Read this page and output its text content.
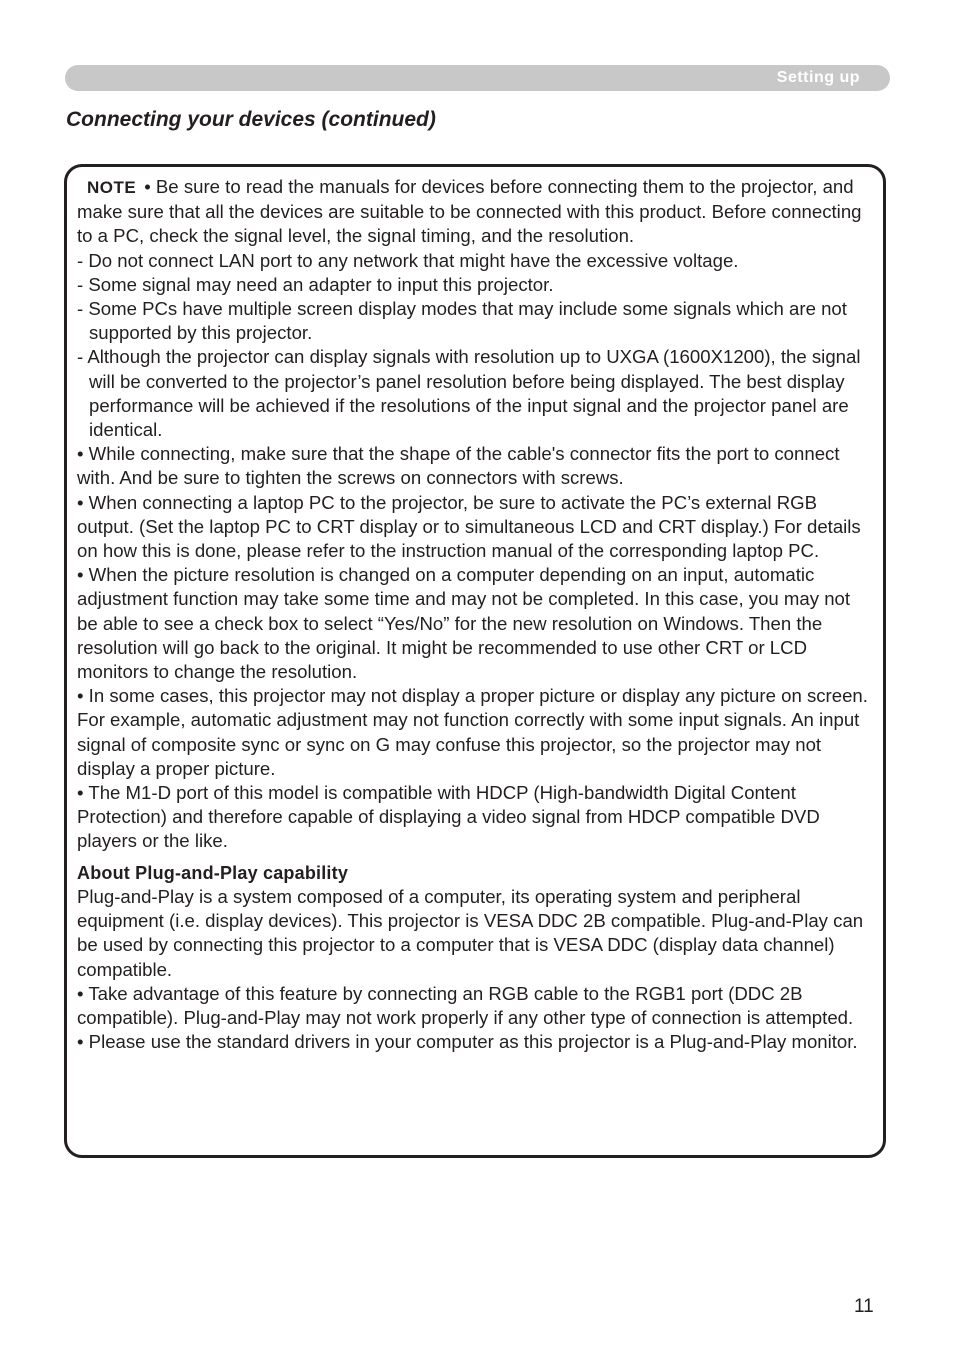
Setting up
Connecting your devices (continued)

NOTE • Be sure to read the manuals for devices before connecting them to the projector, and make sure that all the devices are suitable to be connected with this product. Before connecting to a PC, check the signal level, the signal timing, and the resolution.

- Do not connect LAN port to any network that might have the excessive voltage.

- Some signal may need an adapter to input this projector.

- Some PCs have multiple screen display modes that may include some signals which are not supported by this projector.

- Although the projector can display signals with resolution up to UXGA (1600X1200), the signal will be converted to the projector’s panel resolution before being displayed. The best display performance will be achieved if the resolutions of the input signal and the projector panel are identical.

• While connecting, make sure that the shape of the cable's connector fits the port to connect with. And be sure to tighten the screws on connectors with screws.

• When connecting a laptop PC to the projector, be sure to activate the PC’s external RGB output. (Set the laptop PC to CRT display or to simultaneous LCD and CRT display.) For details on how this is done, please refer to the instruction manual of the corresponding laptop PC.

• When the picture resolution is changed on a computer depending on an input, automatic adjustment function may take some time and may not be completed. In this case, you may not be able to see a check box to select “Yes/No” for the new resolution on Windows. Then the resolution will go back to the original. It might be recommended to use other CRT or LCD monitors to change the resolution.

• In some cases, this projector may not display a proper picture or display any picture on screen. For example, automatic adjustment may not function correctly with some input signals. An input signal of composite sync or sync on G may confuse this projector, so the projector may not display a proper picture.

• The M1-D port of this model is compatible with HDCP (High-bandwidth Digital Content Protection) and therefore capable of displaying a video signal from HDCP compatible DVD players or the like.

About Plug-and-Play capability

Plug-and-Play is a system composed of a computer, its operating system and peripheral equipment (i.e. display devices). This projector is VESA DDC 2B compatible. Plug-and-Play can be used by connecting this projector to a computer that is VESA DDC (display data channel) compatible.

• Take advantage of this feature by connecting an RGB cable to the RGB1 port (DDC 2B compatible). Plug-and-Play may not work properly if any other type of connection is attempted.

• Please use the standard drivers in your computer as this projector is a Plug-and-Play monitor.

11
